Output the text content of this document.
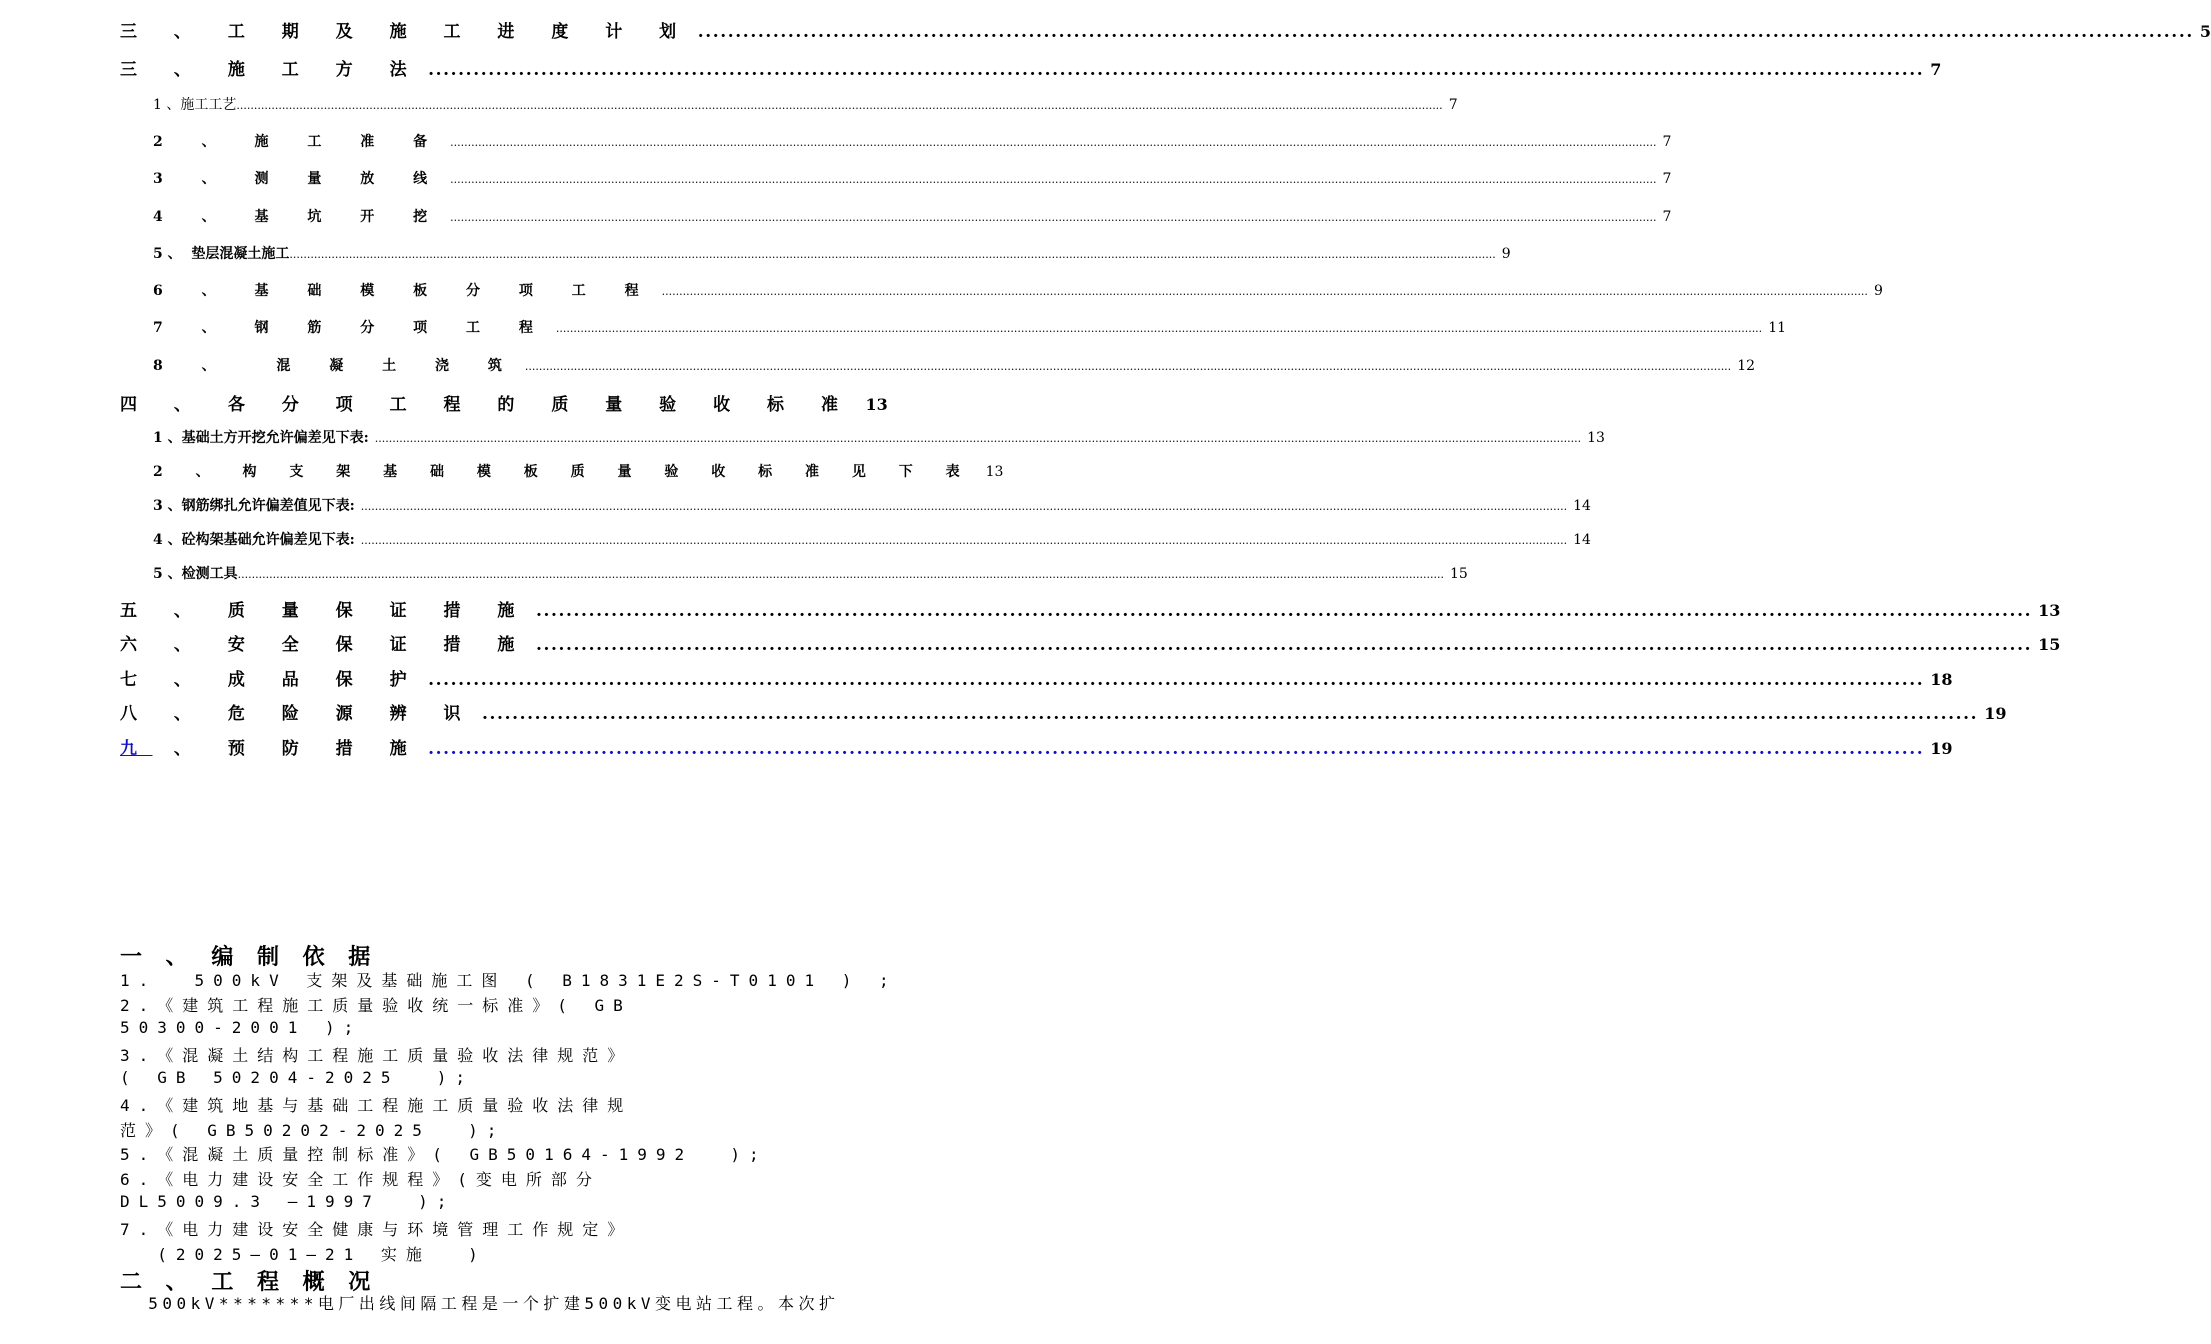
三 、 工 期 及 施 工 进 度 计 划 .....	5
三 、 施 工 方 法 .....	7
1 、施工工艺 .....	7
2 、 施 工 准 备 .....	7
3 、 测 量 放 线 .....	7
4 、 基 坑 开 挖 .....	7
5 、  垫层混凝土施工 .....	9
6 、 基 础 模 板 分 项 工 程 .....	9
7 、 钢 筋 分 项 工 程 .....	11
8 、  混 凝 土 浇 筑 .....	12
四 、 各 分 项 工 程 的 质 量 验 收 标 准 13
1 、基础土方开挖允许偏差见下表: .....	13
2 、 构 支 架 基 础 模 板 质 量 验 收 标 准 见 下 表 13
3 、钢筋绑扎允许偏差值见下表: .....	14
4 、砼构架基础允许偏差见下表: .....	14
5 、检测工具 .....	15
五 、 质 量 保 证 措 施 .....	13
六 、 安 全 保 证 措 施 .....	15
七 、 成 品 保 护 .....	18
八 、 危 险 源 辨 识 .....	19
九 、 预 防 措 施 .....	19
一 、 编 制 依 据
1.  500kV 支架及基础施工图 ( B1831E2S-T0101 ) ;
2.《建筑工程施工质量验收统一标准》( GB
50300-2001 );
3.《混凝土结构工程施工质量验收法律规范》
( GB 50204-2025  );
4.《建筑地基与基础工程施工质量验收法律规
范》( GB50202-2025  );
5.《混凝土质量控制标准》( GB50164-1992  );
6.《电力建设安全工作规程》(变电所部分
DL5009.3 —1997  );
7.《电力建设安全健康与环境管理工作规定》
(2025—01—21 实施  )
二 、 工 程 概 况
500kV*******电厂出线间隔工程是一个扩建500kV变电站工程。本次扩
